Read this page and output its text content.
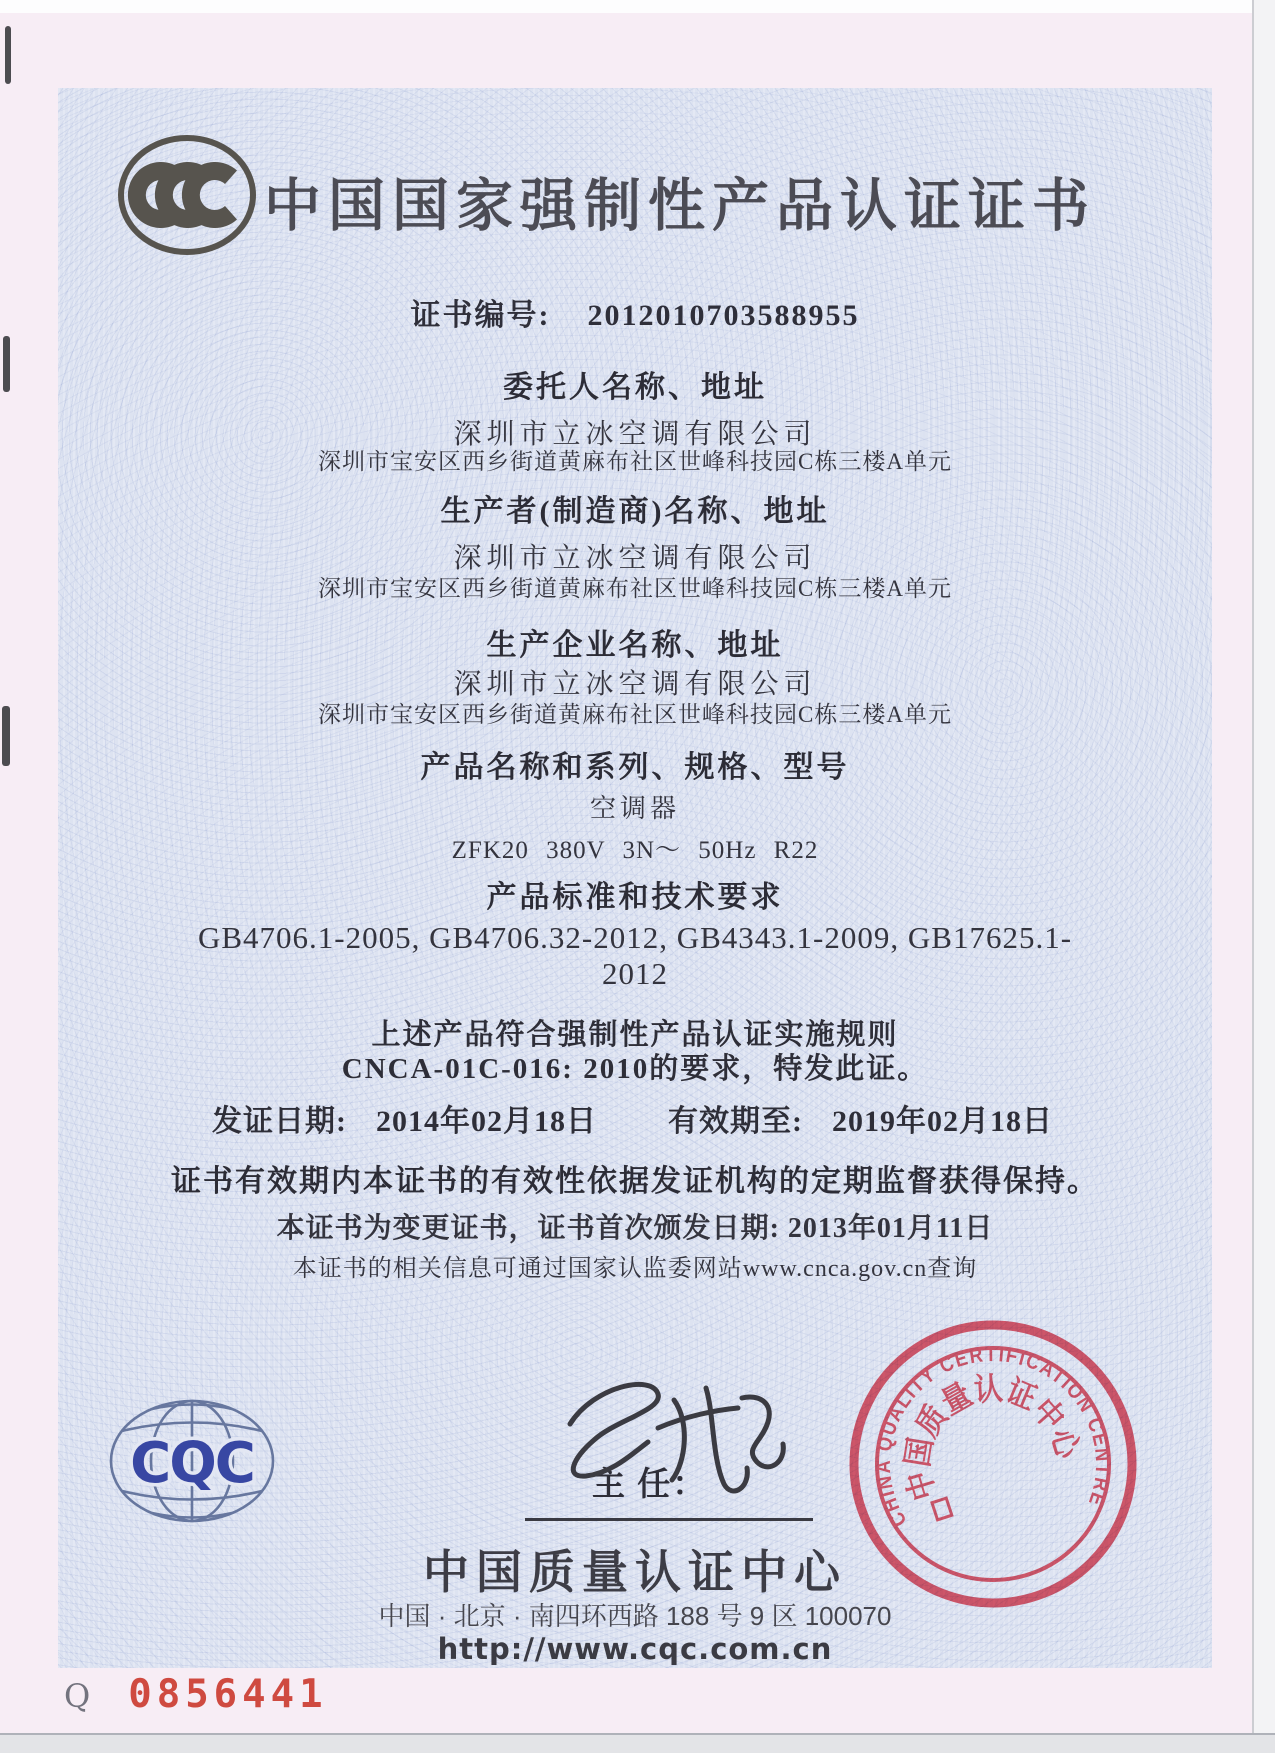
中国国家强制性产品认证证书
证书编号: 2012010703588955
委托人名称、地址
深圳市立冰空调有限公司
深圳市宝安区西乡街道黄麻布社区世峰科技园C栋三楼A单元
生产者(制造商)名称、地址
深圳市立冰空调有限公司
深圳市宝安区西乡街道黄麻布社区世峰科技园C栋三楼A单元
生产企业名称、地址
深圳市立冰空调有限公司
深圳市宝安区西乡街道黄麻布社区世峰科技园C栋三楼A单元
产品名称和系列、规格、型号
空调器
ZFK20 380V 3N～ 50Hz R22
产品标准和技术要求
GB4706.1-2005, GB4706.32-2012, GB4343.1-2009, GB17625.1-
2012
上述产品符合强制性产品认证实施规则
CNCA-01C-016: 2010的要求，特发此证。
发证日期: 2014年02月18日 有效期至: 2019年02月18日
证书有效期内本证书的有效性依据发证机构的定期监督获得保持。
本证书为变更证书，证书首次颁发日期: 2013年01月11日
本证书的相关信息可通过国家认监委网站www.cnca.gov.cn查询
CQC	主 任：
中国质量认证中心
中国 · 北京 · 南四环西路 188 号 9 区 100070
http://www.cqc.com.cn
CHINA QUALITY CERTIFICATION CENTRE
中国质量认证中心
Q 0856441
